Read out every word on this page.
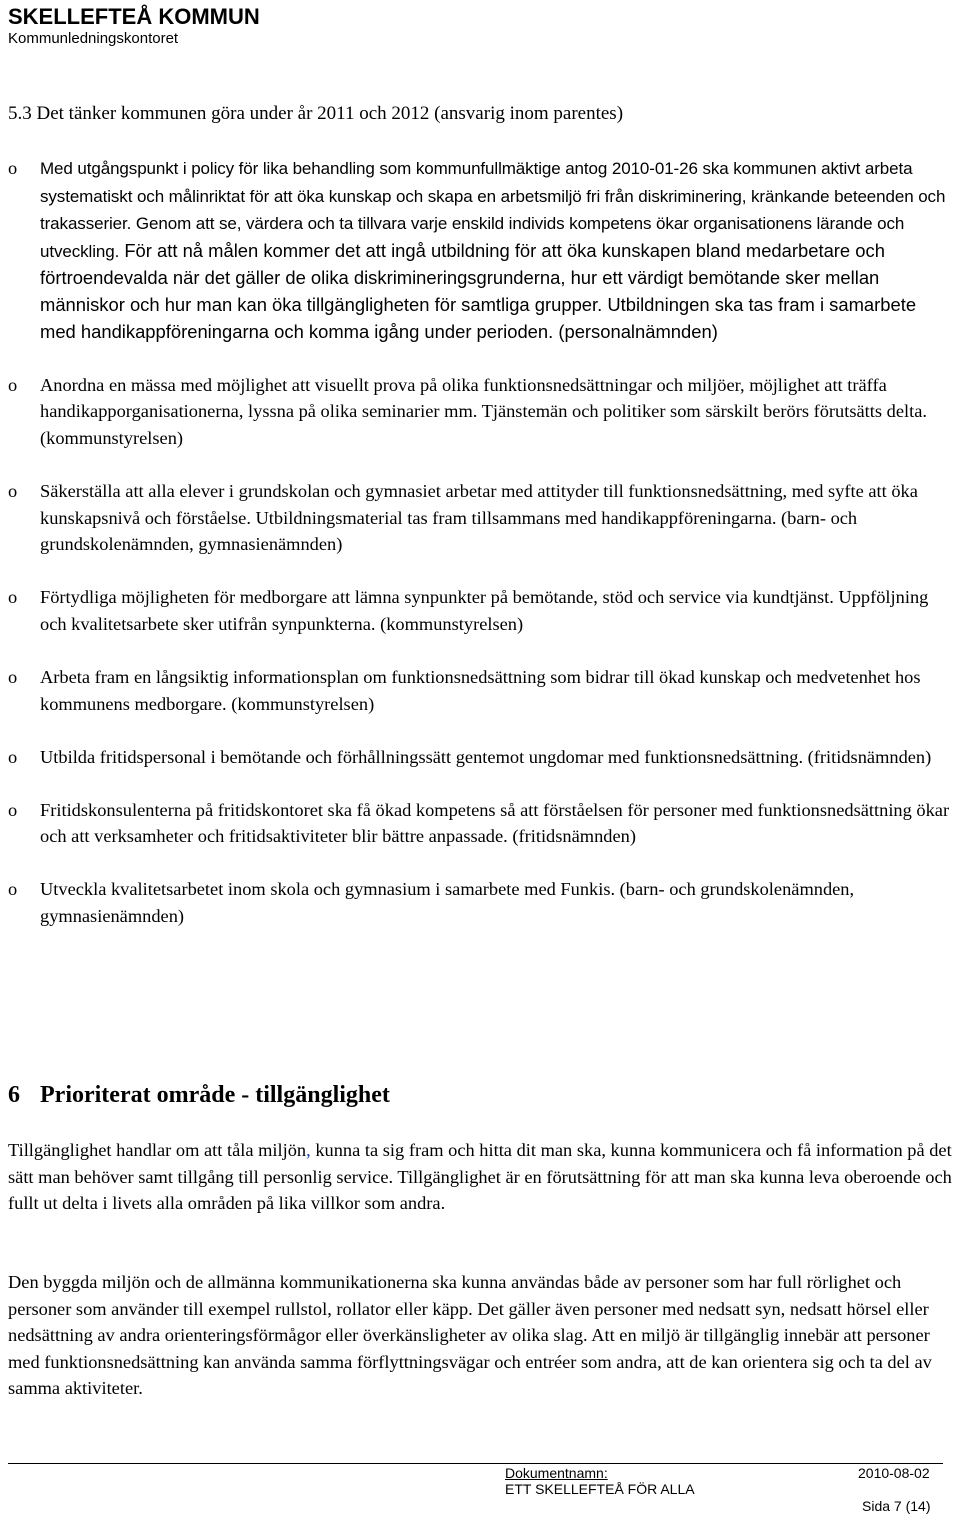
SKELLEFTEÅ KOMMUN

Kommunledningskontoret

5.3 Det tänker kommunen göra under år 2011 och 2012 (ansvarig inom parentes)
o Med utgångspunkt i policy för lika behandling som kommunfullmäktige antog 2010-01-26 ska kommunen aktivt arbeta systematiskt och målinriktat för att öka kunskap och skapa en arbetsmiljö fri från diskriminering, kränkande beteenden och trakasserier. Genom att se, värdera och ta tillvara varje enskild individs kompetens ökar organisationens lärande och utveckling. För att nå målen kommer det att ingå utbildning för att öka kunskapen bland medarbetare och förtroendevalda när det gäller de olika diskrimineringsgrunderna, hur ett värdigt bemötande sker mellan människor och hur man kan öka tillgängligheten för samtliga grupper. Utbildningen ska tas fram i samarbete med handikappföreningarna och komma igång under perioden. (personalnämnden)
o Anordna en mässa med möjlighet att visuellt prova på olika funktionsnedsättningar och miljöer, möjlighet att träffa handikapporganisationerna, lyssna på olika seminarier mm. Tjänstemän och politiker som särskilt berörs förutsätts delta. (kommunstyrelsen)
o Säkerställa att alla elever i grundskolan och gymnasiet arbetar med attityder till funktionsnedsättning, med syfte att öka kunskapsnivå och förståelse. Utbildningsmaterial tas fram tillsammans med handikappföreningarna. (barn- och grundskolenämnden, gymnasienämnden)
o Förtydliga möjligheten för medborgare att lämna synpunkter på bemötande, stöd och service via kundtjänst. Uppföljning och kvalitetsarbete sker utifrån synpunkterna. (kommunstyrelsen)
o Arbeta fram en långsiktig informationsplan om funktionsnedsättning som bidrar till ökad kunskap och medvetenhet hos kommunens medborgare. (kommunstyrelsen)
o Utbilda fritidspersonal i bemötande och förhållningssätt gentemot ungdomar med funktionsnedsättning. (fritidsnämnden)
o Fritidskonsulenterna på fritidskontoret ska få ökad kompetens så att förståelsen för personer med funktionsnedsättning ökar och att verksamheter och fritidsaktiviteter blir bättre anpassade. (fritidsnämnden)
o Utveckla kvalitetsarbetet inom skola och gymnasium i samarbete med Funkis. (barn- och grundskolenämnden, gymnasienämnden)
6 Prioriterat område - tillgänglighet

Tillgänglighet handlar om att tåla miljön, kunna ta sig fram och hitta dit man ska, kunna kommunicera och få information på det sätt man behöver samt tillgång till personlig service. Tillgänglighet är en förutsättning för att man ska kunna leva oberoende och fullt ut delta i livets alla områden på lika villkor som andra.

Den byggda miljön och de allmänna kommunikationerna ska kunna användas både av personer som har full rörlighet och personer som använder till exempel rullstol, rollator eller käpp. Det gäller även personer med nedsatt syn, nedsatt hörsel eller nedsättning av andra orienteringsförmågor eller överkänsligheter av olika slag. Att en miljö är tillgänglig innebär att personer med funktionsnedsättning kan använda samma förflyttningsvägar och entréer som andra, att de kan orientera sig och ta del av samma aktiviteter.

Dokumentnamn:	2010-08-02
ETT SKELLEFTEÅ FÖR ALLA
Sida 7 (14)
